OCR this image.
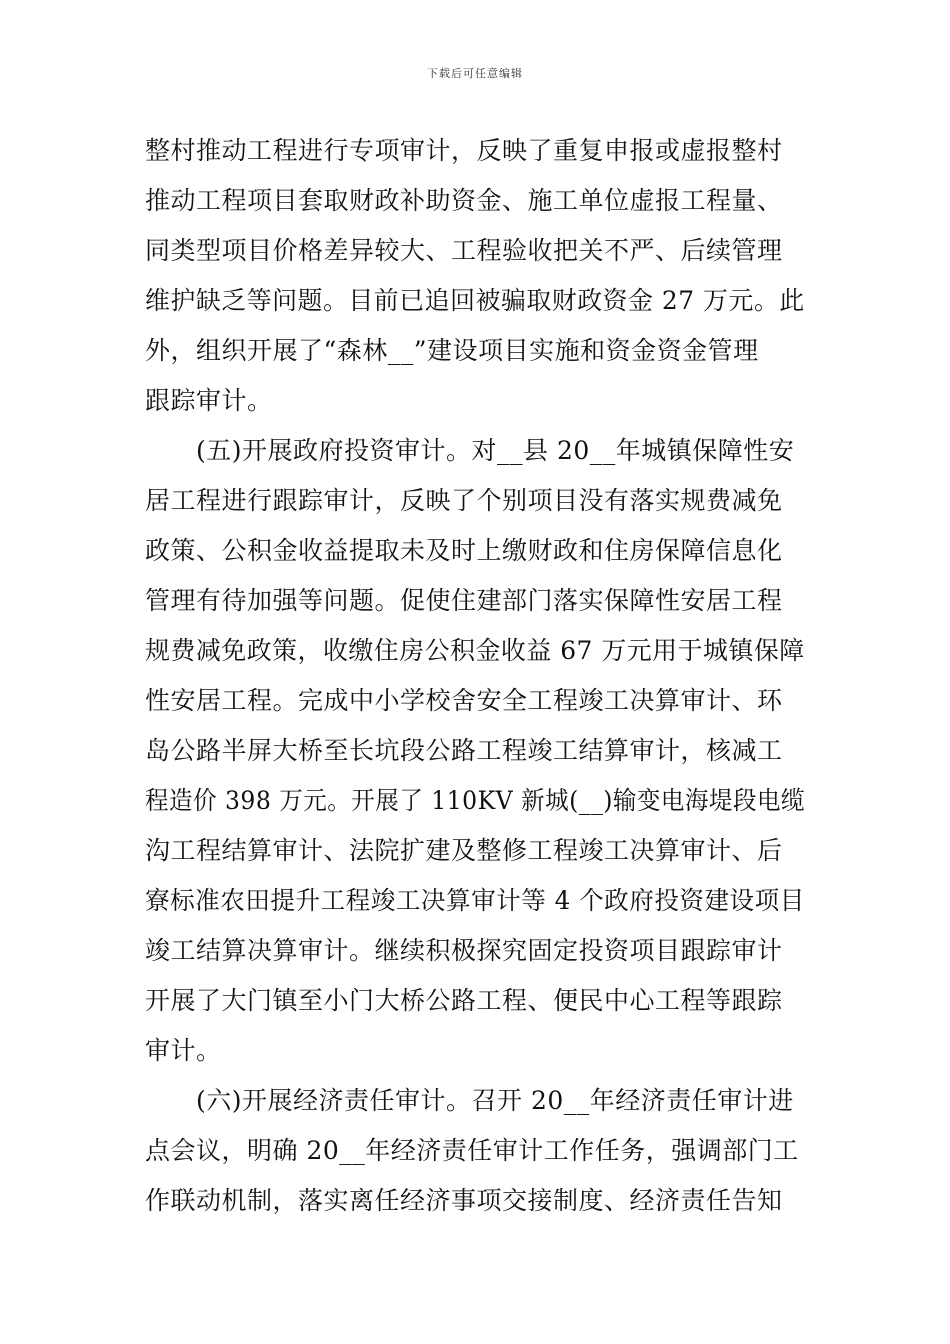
下载后可任意编辑
整村推动工程进行专项审计，反映了重复申报或虚报整村
推动工程项目套取财政补助资金、施工单位虚报工程量、
同类型项目价格差异较大、工程验收把关不严、后续管理
维护缺乏等问题。目前已追回被骗取财政资金 27 万元。此
外，组织开展了“森林__”建设项目实施和资金资金管理
跟踪审计。
(五)开展政府投资审计。对__县 20__年城镇保障性安
居工程进行跟踪审计，反映了个别项目没有落实规费减免
政策、公积金收益提取未及时上缴财政和住房保障信息化
管理有待加强等问题。促使住建部门落实保障性安居工程
规费减免政策，收缴住房公积金收益 67 万元用于城镇保障
性安居工程。完成中小学校舍安全工程竣工决算审计、环
岛公路半屏大桥至长坑段公路工程竣工结算审计，核减工
程造价 398 万元。开展了 110KV 新城(__)输变电海堤段电缆
沟工程结算审计、法院扩建及整修工程竣工决算审计、后
寮标准农田提升工程竣工决算审计等 4 个政府投资建设项目
竣工结算决算审计。继续积极探究固定投资项目跟踪审计
开展了大门镇至小门大桥公路工程、便民中心工程等跟踪
审计。
(六)开展经济责任审计。召开 20__年经济责任审计进
点会议，明确 20__年经济责任审计工作任务，强调部门工
作联动机制，落实离任经济事项交接制度、经济责任告知
